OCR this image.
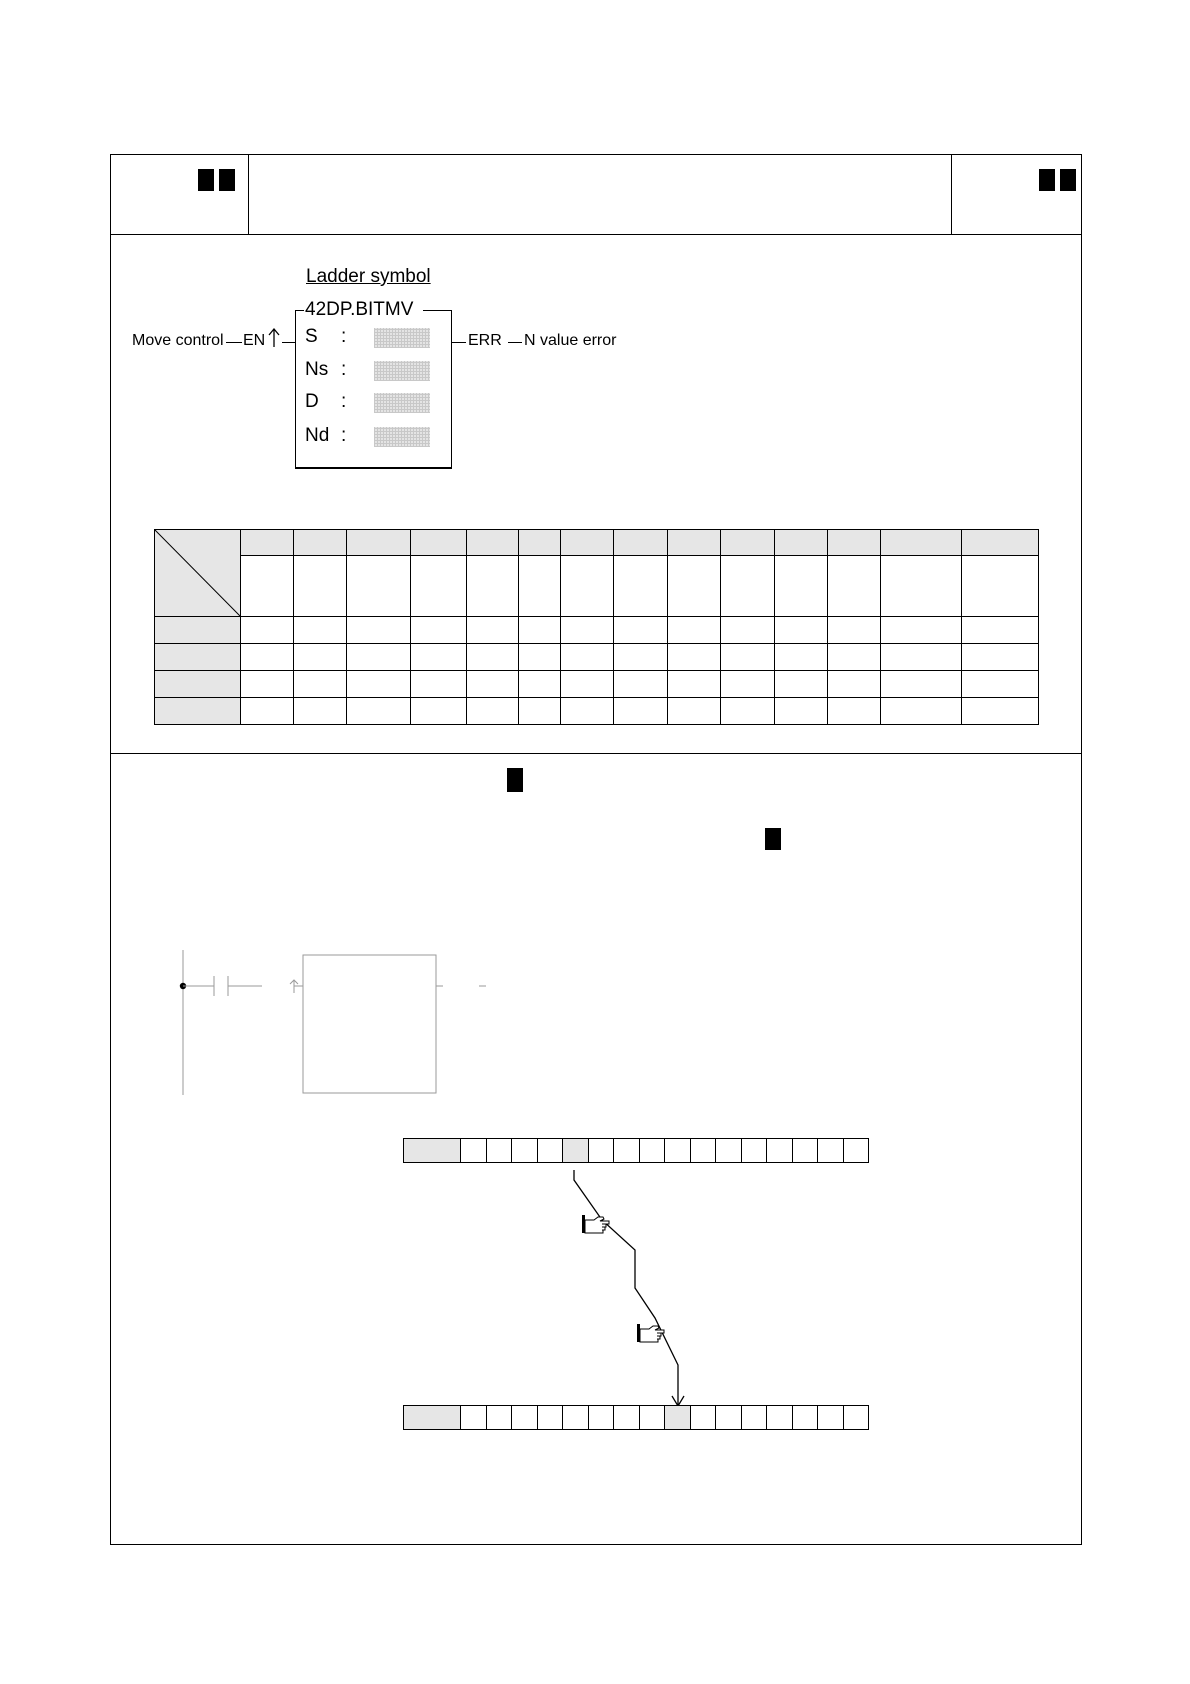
Ladder symbol
42DP.BITMV
Move control EN S :
Ns :
D :
Nd :
ERR N value error
